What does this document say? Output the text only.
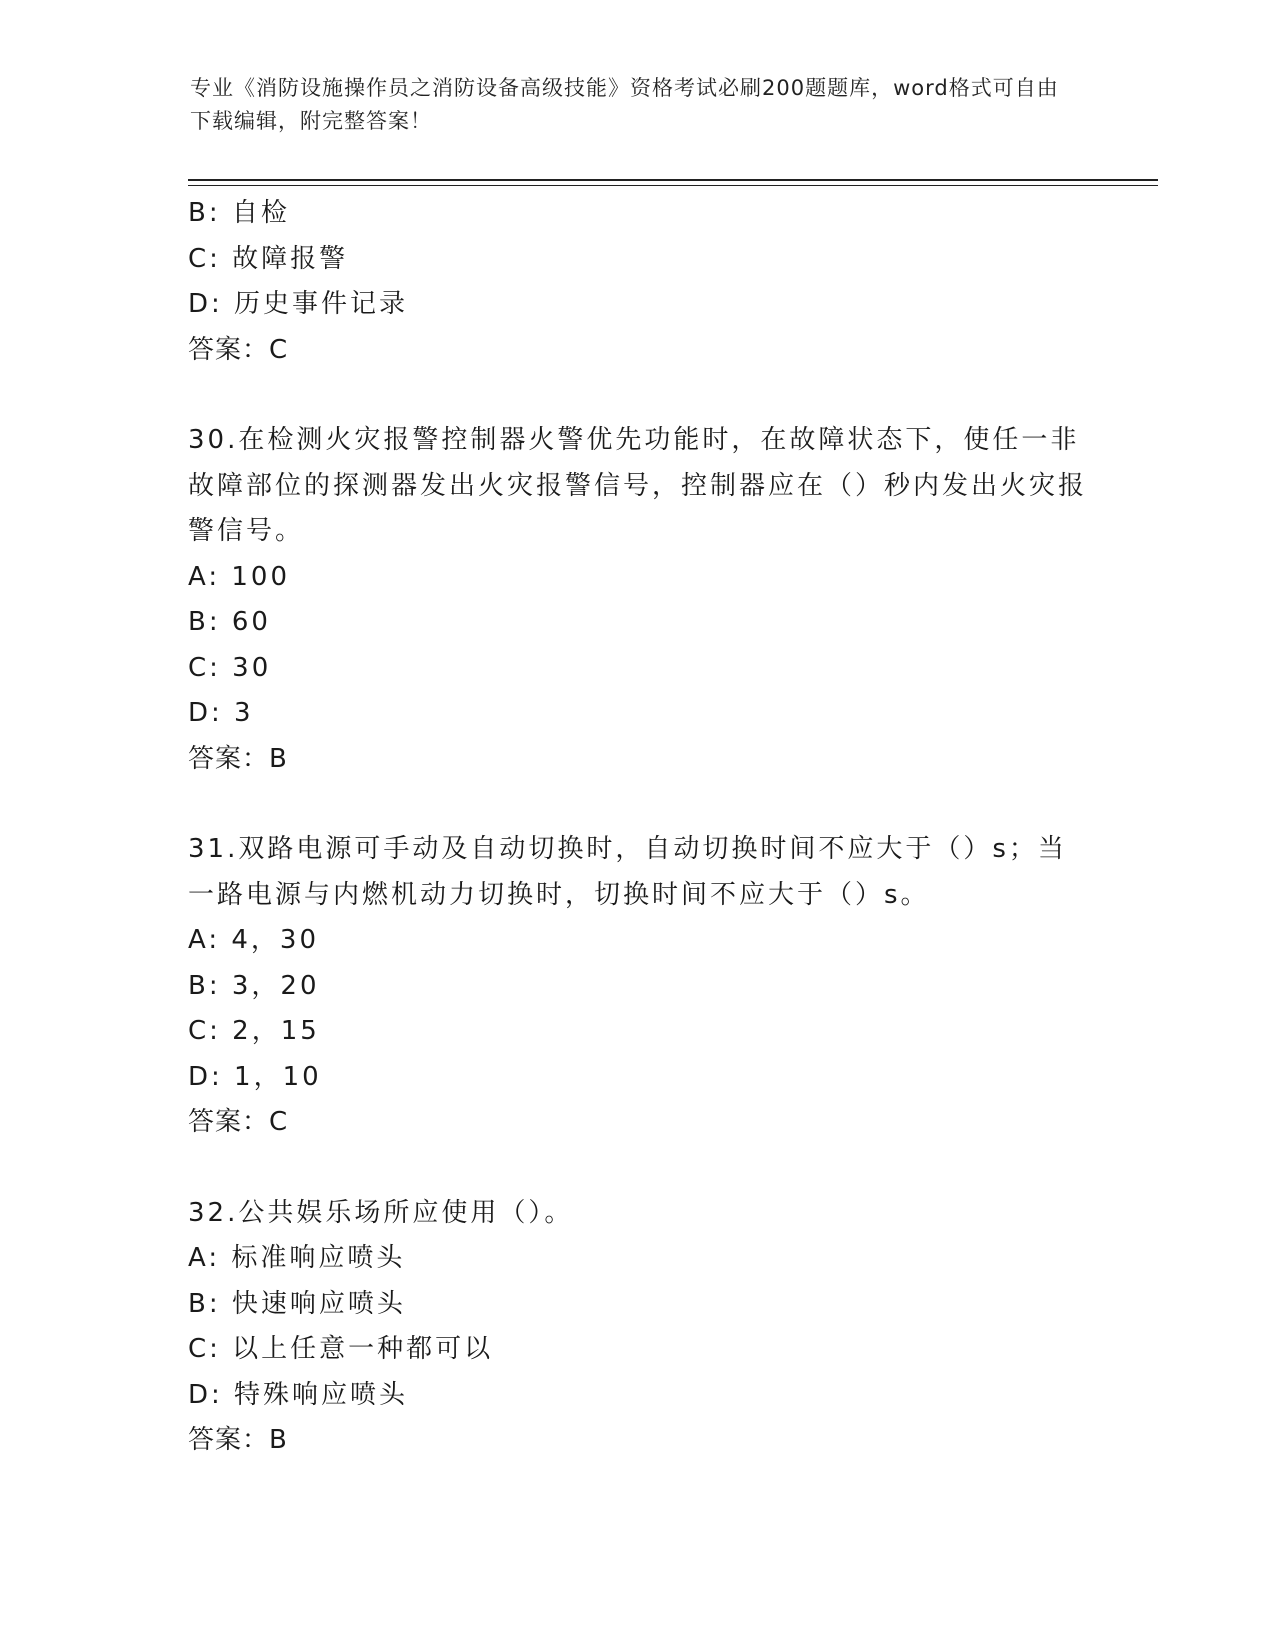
专业《消防设施操作员之消防设备高级技能》资格考试必刷200题题库，word格式可自由下载编辑，附完整答案！
B: 自检
C: 故障报警
D: 历史事件记录
答案：C
30.在检测火灾报警控制器火警优先功能时，在故障状态下，使任一非故障部位的探测器发出火灾报警信号，控制器应在（）秒内发出火灾报警信号。
A: 100
B: 60
C: 30
D: 3
答案：B
31.双路电源可手动及自动切换时，自动切换时间不应大于（）s；当一路电源与内燃机动力切换时，切换时间不应大于（）s。
A: 4，30
B: 3，20
C: 2，15
D: 1，10
答案：C
32.公共娱乐场所应使用（）。
A: 标准响应喷头
B: 快速响应喷头
C: 以上任意一种都可以
D: 特殊响应喷头
答案：B
